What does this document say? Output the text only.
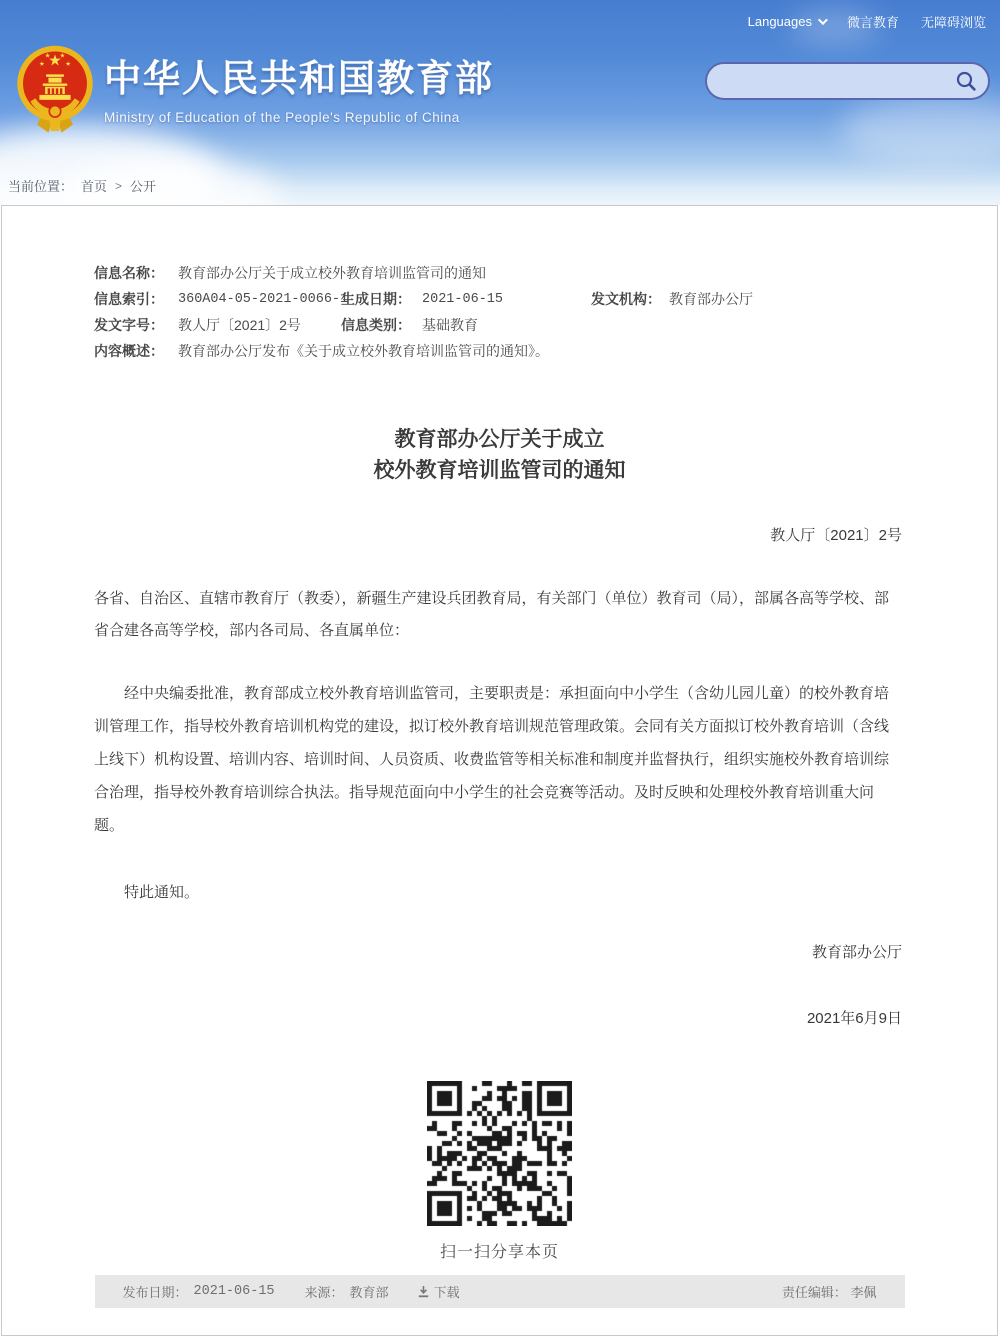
Languages	微言教育 无障碍浏览
中华人民共和国教育部
Ministry of Education of the People's Republic of China
当前位置： 首页 > 公开
信息名称： 教育部办公厅关于成立校外教育培训监管司的通知
信息索引： 360A04-05-2021-0066-1
生成日期： 2021-06-15	发文机构： 教育部办公厅
发文字号： 教人厅〔2021〕2号	信息类别： 基础教育
内容概述： 教育部办公厅发布《关于成立校外教育培训监管司的通知》。
教育部办公厅关于成立
校外教育培训监管司的通知
教人厅〔2021〕2号
各省、自治区、直辖市教育厅（教委），新疆生产建设兵团教育局，有关部门（单位）教育司（局），部属各高等学校、部省合建各高等学校，部内各司局、各直属单位：
经中央编委批准，教育部成立校外教育培训监管司，主要职责是：承担面向中小学生（含幼儿园儿童）的校外教育培训管理工作，指导校外教育培训机构党的建设，拟订校外教育培训规范管理政策。会同有关方面拟订校外教育培训（含线上线下）机构设置、培训内容、培训时间、人员资质、收费监管等相关标准和制度并监督执行，组织实施校外教育培训综合治理，指导校外教育培训综合执法。指导规范面向中小学生的社会竞赛等活动。及时反映和处理校外教育培训重大问题。
特此通知。
教育部办公厅
2021年6月9日
扫一扫分享本页
发布日期： 2021-06-15 来源： 教育部	下载	责任编辑： 李佩
